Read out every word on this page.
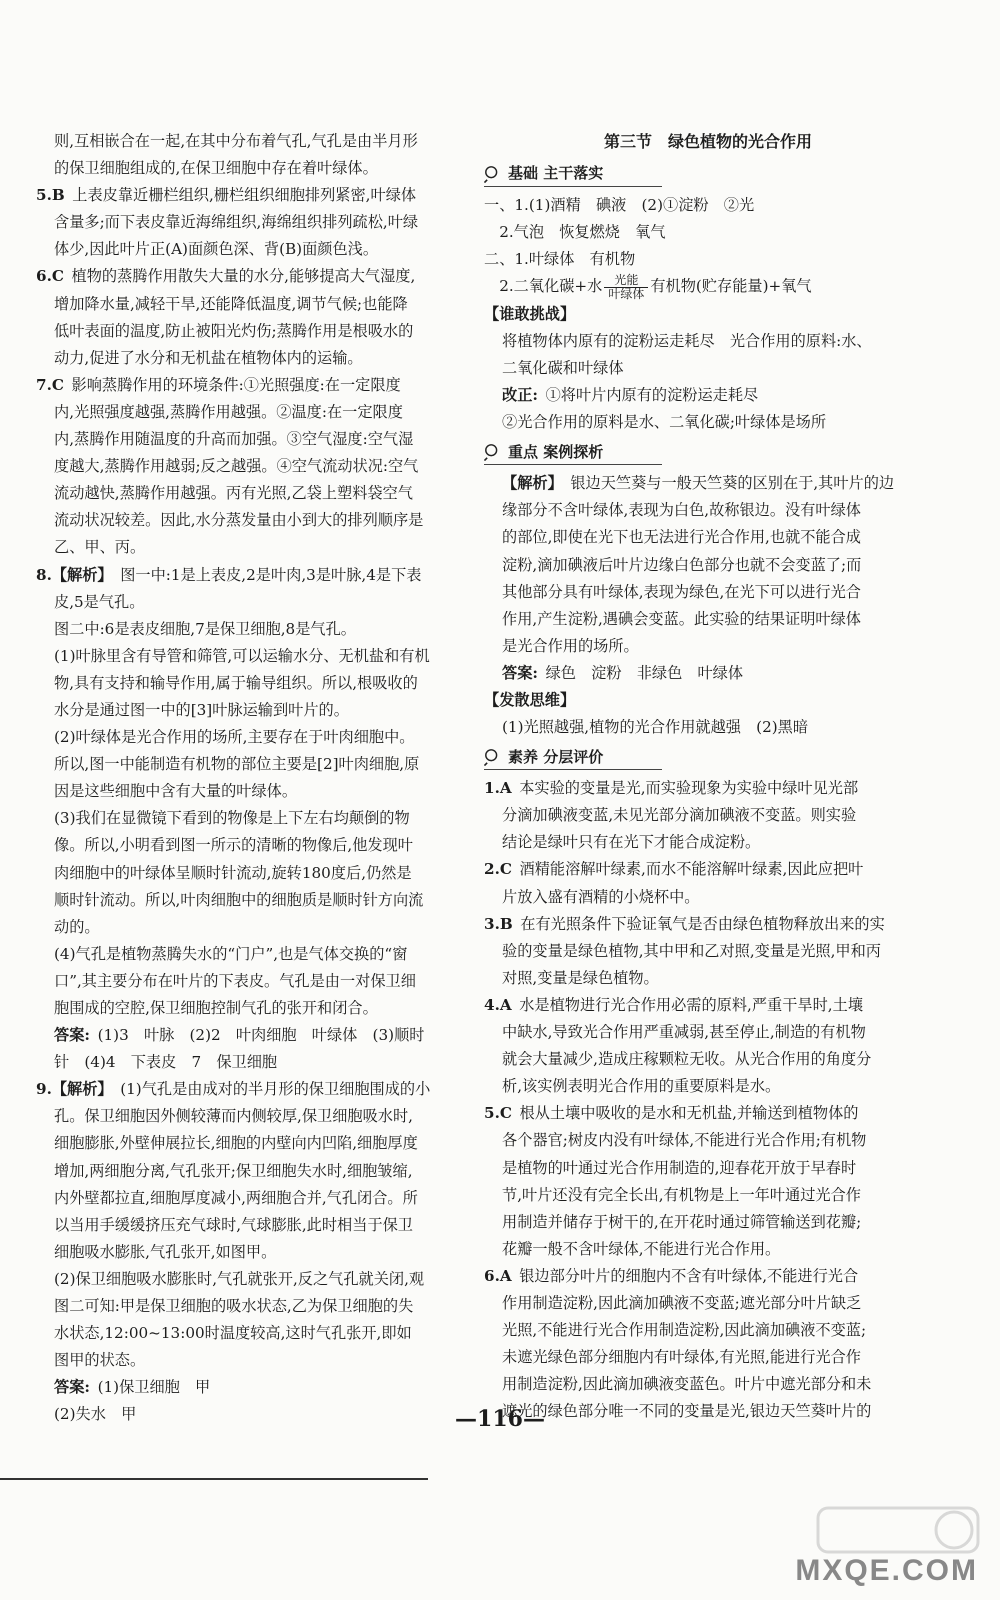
则,互相嵌合在一起,在其中分布着气孔,气孔是由半月形

的保卫细胞组成的,在保卫细胞中存在着叶绿体。

5.B  上表皮靠近栅栏组织,栅栏组织细胞排列紧密,叶绿体

含量多;而下表皮靠近海绵组织,海绵组织排列疏松,叶绿

体少,因此叶片正(A)面颜色深、背(B)面颜色浅。

6.C  植物的蒸腾作用散失大量的水分,能够提高大气湿度,

增加降水量,减轻干旱,还能降低温度,调节气候;也能降

低叶表面的温度,防止被阳光灼伤;蒸腾作用是根吸水的

动力,促进了水分和无机盐在植物体内的运输。

7.C  影响蒸腾作用的环境条件:①光照强度:在一定限度

内,光照强度越强,蒸腾作用越强。②温度:在一定限度

内,蒸腾作用随温度的升高而加强。③空气湿度:空气湿

度越大,蒸腾作用越弱;反之越强。④空气流动状况:空气

流动越快,蒸腾作用越强。丙有光照,乙袋上塑料袋空气

流动状况较差。因此,水分蒸发量由小到大的排列顺序是

乙、甲、丙。

8.【解析】  图一中:1是上表皮,2是叶肉,3是叶脉,4是下表

皮,5是气孔。

图二中:6是表皮细胞,7是保卫细胞,8是气孔。

(1)叶脉里含有导管和筛管,可以运输水分、无机盐和有机

物,具有支持和输导作用,属于输导组织。所以,根吸收的

水分是通过图一中的[3]叶脉运输到叶片的。

(2)叶绿体是光合作用的场所,主要存在于叶肉细胞中。

所以,图一中能制造有机物的部位主要是[2]叶肉细胞,原

因是这些细胞中含有大量的叶绿体。

(3)我们在显微镜下看到的物像是上下左右均颠倒的物

像。所以,小明看到图一所示的清晰的物像后,他发现叶

肉细胞中的叶绿体呈顺时针流动,旋转180度后,仍然是

顺时针流动。所以,叶肉细胞中的细胞质是顺时针方向流

动的。

(4)气孔是植物蒸腾失水的“门户”,也是气体交换的“窗

口”,其主要分布在叶片的下表皮。气孔是由一对保卫细

胞围成的空腔,保卫细胞控制气孔的张开和闭合。

答案:  (1)3　叶脉　(2)2　叶肉细胞　叶绿体　(3)顺时

针　(4)4　下表皮　7　保卫细胞

9.【解析】  (1)气孔是由成对的半月形的保卫细胞围成的小

孔。保卫细胞因外侧较薄而内侧较厚,保卫细胞吸水时,

细胞膨胀,外壁伸展拉长,细胞的内壁向内凹陷,细胞厚度

增加,两细胞分离,气孔张开;保卫细胞失水时,细胞皱缩,

内外壁都拉直,细胞厚度减小,两细胞合并,气孔闭合。所

以当用手缓缓挤压充气球时,气球膨胀,此时相当于保卫

细胞吸水膨胀,气孔张开,如图甲。

(2)保卫细胞吸水膨胀时,气孔就张开,反之气孔就关闭,观

图二可知:甲是保卫细胞的吸水状态,乙为保卫细胞的失

水状态,12:00~13:00时温度较高,这时气孔张开,即如

图甲的状态。

答案:  (1)保卫细胞　甲

(2)失水　甲

第三节　绿色植物的光合作用
基础 主干落实

一、1.(1)酒精　碘液　(2)①淀粉　②光

　2.气泡　恢复燃烧　氧气

二、1.叶绿体　有机物

　2.二氧化碳+水 $\frac{\text{光能}}{\text{叶绿体}}$ 有机物(贮存能量)+氧气

【谁敢挑战】

将植物体内原有的淀粉运走耗尽　光合作用的原料:水、

二氧化碳和叶绿体

改正:  ①将叶片内原有的淀粉运走耗尽

②光合作用的原料是水、二氧化碳;叶绿体是场所

重点 案例探析

【解析】  银边天竺葵与一般天竺葵的区别在于,其叶片的边

缘部分不含叶绿体,表现为白色,故称银边。没有叶绿体

的部位,即使在光下也无法进行光合作用,也就不能合成

淀粉,滴加碘液后叶片边缘白色部分也就不会变蓝了;而

其他部分具有叶绿体,表现为绿色,在光下可以进行光合

作用,产生淀粉,遇碘会变蓝。此实验的结果证明叶绿体

是光合作用的场所。

答案:  绿色　淀粉　非绿色　叶绿体

【发散思维】

(1)光照越强,植物的光合作用就越强　(2)黑暗

素养 分层评价

1.A  本实验的变量是光,而实验现象为实验中绿叶见光部

分滴加碘液变蓝,未见光部分滴加碘液不变蓝。则实验

结论是绿叶只有在光下才能合成淀粉。

2.C  酒精能溶解叶绿素,而水不能溶解叶绿素,因此应把叶

片放入盛有酒精的小烧杯中。

3.B  在有光照条件下验证氧气是否由绿色植物释放出来的实

验的变量是绿色植物,其中甲和乙对照,变量是光照,甲和丙

对照,变量是绿色植物。

4.A  水是植物进行光合作用必需的原料,严重干旱时,土壤

中缺水,导致光合作用严重减弱,甚至停止,制造的有机物

就会大量减少,造成庄稼颗粒无收。从光合作用的角度分

析,该实例表明光合作用的重要原料是水。

5.C  根从土壤中吸收的是水和无机盐,并输送到植物体的

各个器官;树皮内没有叶绿体,不能进行光合作用;有机物

是植物的叶通过光合作用制造的,迎春花开放于早春时

节,叶片还没有完全长出,有机物是上一年叶通过光合作

用制造并储存于树干的,在开花时通过筛管输送到花瓣;

花瓣一般不含叶绿体,不能进行光合作用。

6.A  银边部分叶片的细胞内不含有叶绿体,不能进行光合

作用制造淀粉,因此滴加碘液不变蓝;遮光部分叶片缺乏

光照,不能进行光合作用制造淀粉,因此滴加碘液不变蓝;

未遮光绿色部分细胞内有叶绿体,有光照,能进行光合作

用制造淀粉,因此滴加碘液变蓝色。叶片中遮光部分和未

遮光的绿色部分唯一不同的变量是光,银边天竺葵叶片的

—116—
MXQE.COM
